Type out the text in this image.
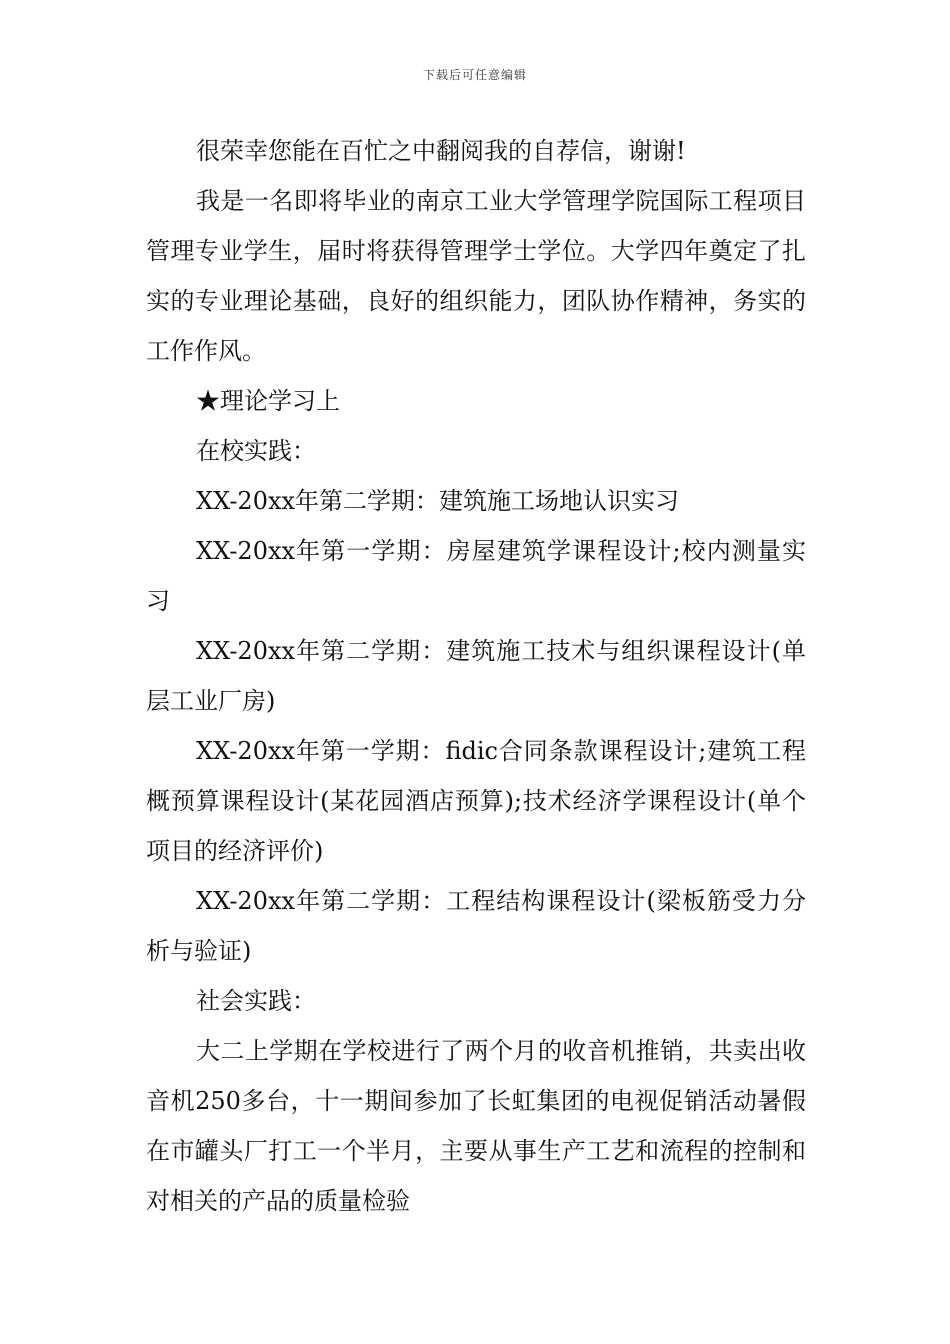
下载后可任意编辑

很荣幸您能在百忙之中翻阅我的自荐信，谢谢!

我是一名即将毕业的南京工业大学管理学院国际工程项目管理专业学生，届时将获得管理学士学位。大学四年奠定了扎实的专业理论基础，良好的组织能力，团队协作精神，务实的工作作风。

★理论学习上

在校实践：

XX-20xx年第二学期：建筑施工场地认识实习

XX-20xx年第一学期：房屋建筑学课程设计;校内测量实习

XX-20xx年第二学期：建筑施工技术与组织课程设计(单层工业厂房)

XX-20xx年第一学期：fidic合同条款课程设计;建筑工程概预算课程设计(某花园酒店预算);技术经济学课程设计(单个项目的经济评价)

XX-20xx年第二学期：工程结构课程设计(梁板筋受力分析与验证)

社会实践：

大二上学期在学校进行了两个月的收音机推销，共卖出收音机250多台，十一期间参加了长虹集团的电视促销活动暑假在市罐头厂打工一个半月，主要从事生产工艺和流程的控制和对相关的产品的质量检验
